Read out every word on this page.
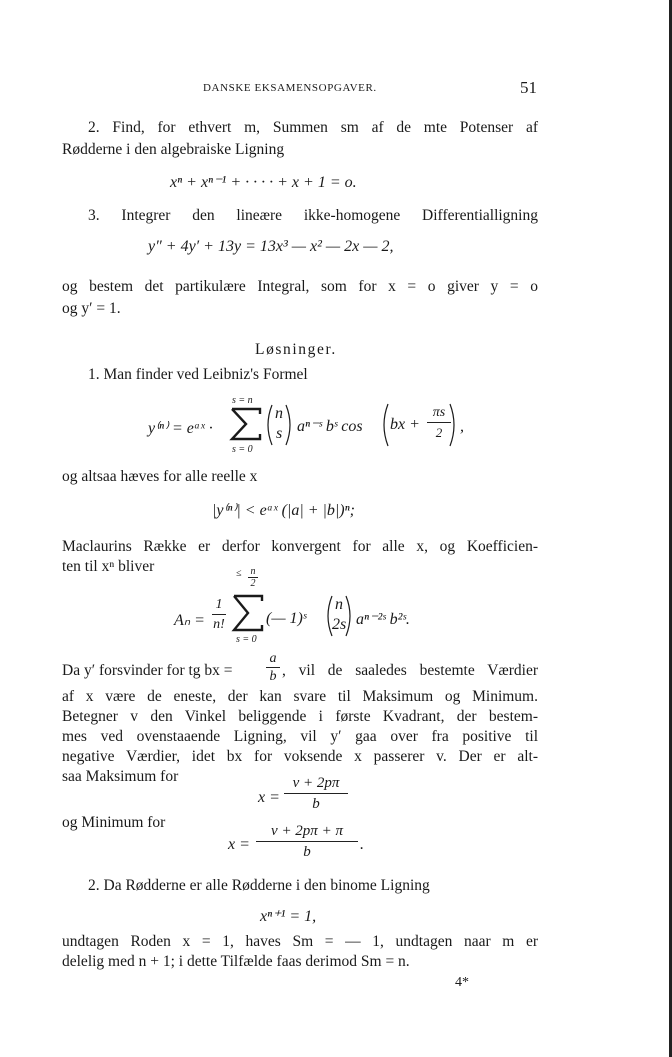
DANSKE EKSAMENSOPGAVER.	51
2. Find, for ethvert m, Summen sm af de mte Potenser af
Rødderne i den algebraiske Ligning
xⁿ + xⁿ⁻¹ + · · · · + x + 1 = o.
3. Integrer den lineære ikke-homogene Differentialligning
y″ + 4y′ + 13y = 13x³ — x² — 2x — 2,
og bestem det partikulære Integral, som for x = o giver y = o
og y′ = 1.
Løsninger.
1. Man finder ved Leibniz's Formel
y⁽ⁿ⁾ = eᵃˣ ·
s = n
s = 0
n
s aⁿ⁻ˢ bˢ cos bx +
πs
2	,
og altsaa hæves for alle reelle x
|y⁽ⁿ⁾| < eᵃˣ (|a| + |b|)ⁿ;
Maclaurins Række er derfor konvergent for alle x, og Koefficien-
ten til xⁿ bliver	≤ n
2
Aₙ =
1
n!
s = 0
(— 1)ˢ
n
2s aⁿ⁻²ˢ b²ˢ.
Da y′ forsvinder for tg bx =
a
b , vil de saaledes bestemte Værdier
af x være de eneste, der kan svare til Maksimum og Minimum.
Betegner v den Vinkel beliggende i første Kvadrant, der bestem-
mes ved ovenstaaende Ligning, vil y′ gaa over fra positive til
negative Værdier, idet bx for voksende x passerer v. Der er alt-
saa Maksimum for
x =
v + 2pπ
b
og Minimum for
x =
v + 2pπ + π
b	.
2. Da Rødderne er alle Rødderne i den binome Ligning
xⁿ⁺¹ = 1,
undtagen Roden x = 1, haves Sm = — 1, undtagen naar m er
delelig med n + 1; i dette Tilfælde faas derimod Sm = n.
4*
